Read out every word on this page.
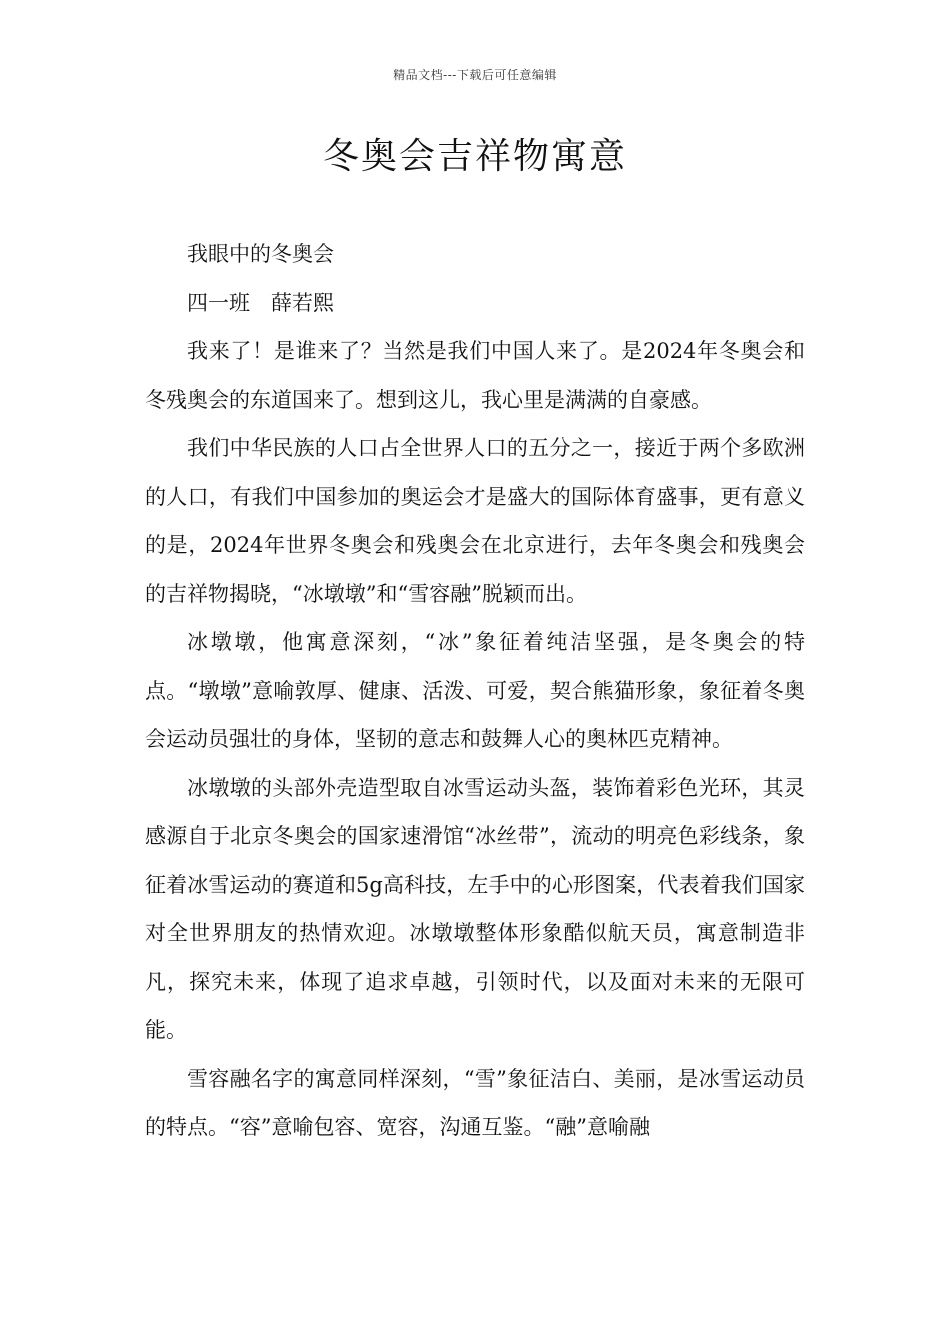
精品文档---下载后可任意编辑
冬奥会吉祥物寓意

我眼中的冬奥会

四一班　薛若熙

我来了！是谁来了？当然是我们中国人来了。是2024年冬奥会和冬残奥会的东道国来了。想到这儿，我心里是满满的自豪感。

我们中华民族的人口占全世界人口的五分之一，接近于两个多欧洲的人口，有我们中国参加的奥运会才是盛大的国际体育盛事，更有意义的是，2024年世界冬奥会和残奥会在北京进行，去年冬奥会和残奥会的吉祥物揭晓，“冰墩墩”和“雪容融”脱颖而出。

冰墩墩，他寓意深刻，“冰”象征着纯洁坚强，是冬奥会的特点。“墩墩”意喻敦厚、健康、活泼、可爱，契合熊猫形象，象征着冬奥会运动员强壮的身体，坚韧的意志和鼓舞人心的奥林匹克精神。

冰墩墩的头部外壳造型取自冰雪运动头盔，装饰着彩色光环，其灵感源自于北京冬奥会的国家速滑馆“冰丝带”，流动的明亮色彩线条，象征着冰雪运动的赛道和5g高科技，左手中的心形图案，代表着我们国家对全世界朋友的热情欢迎。冰墩墩整体形象酷似航天员，寓意制造非凡，探究未来，体现了追求卓越，引领时代，以及面对未来的无限可能。

雪容融名字的寓意同样深刻，“雪”象征洁白、美丽，是冰雪运动员的特点。“容”意喻包容、宽容，沟通互鉴。“融”意喻融
